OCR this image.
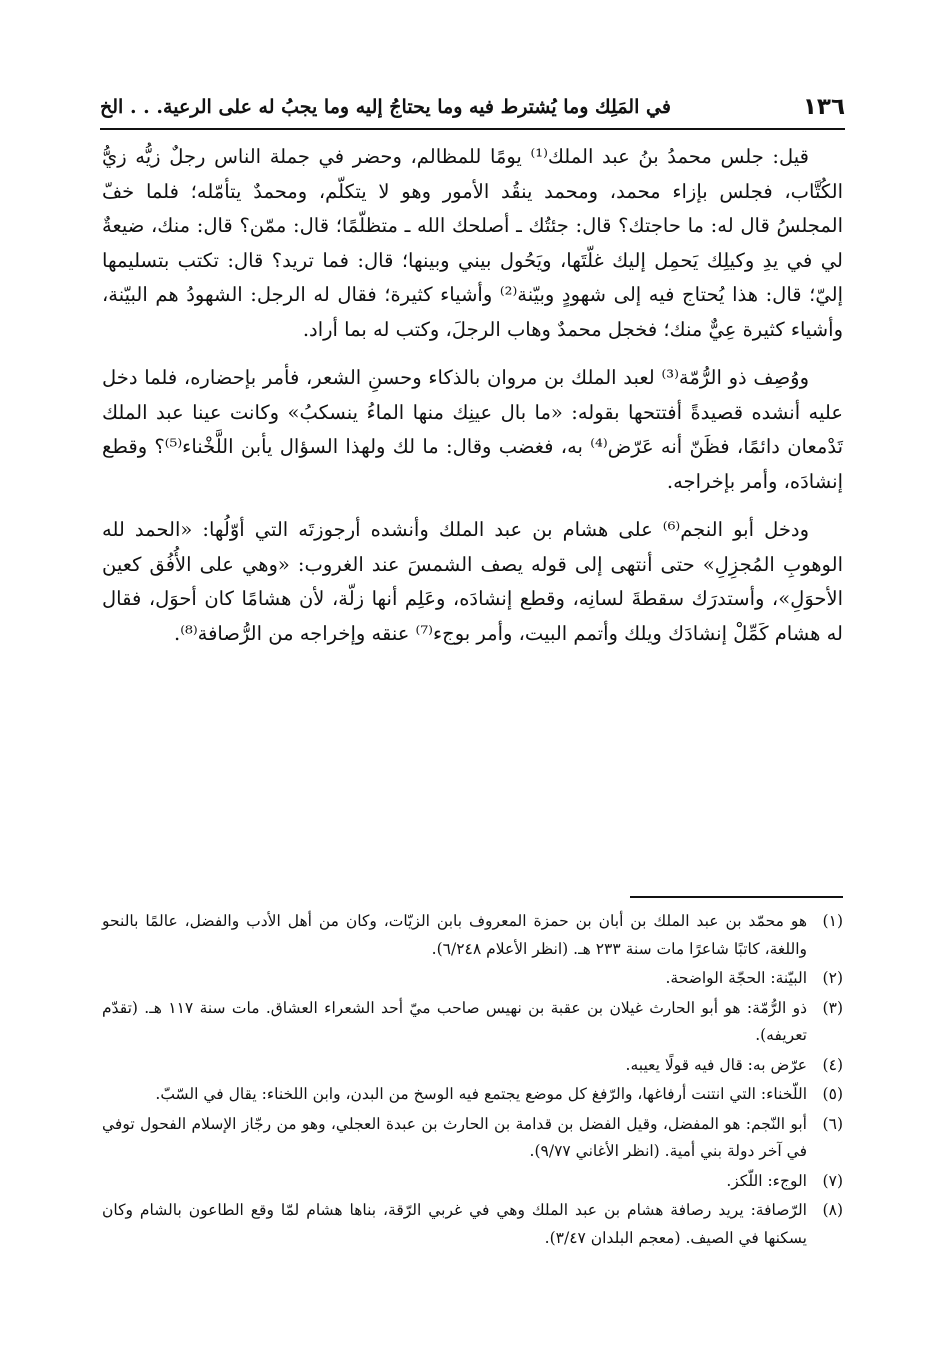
١٣٦
في المَلِك وما يُشترط فيه وما يحتاجُ إليه وما يجبُ له على الرعية. . . الخ

قيل: جلس محمدُ بنُ عبد الملك⁽¹⁾ يومًا للمظالم، وحضر في جملة الناس رجلٌ زيُّه زيُّ الكُتَّاب، فجلس بإزاء محمد، ومحمد ينقُد الأمور وهو لا يتكلّم، ومحمدٌ يتأمّله؛ فلما خفّ المجلسُ قال له: ما حاجتك؟ قال: جئتُك ـ أصلحك الله ـ متظلّمًا؛ قال: ممّن؟ قال: منك، ضيعةٌ لي في يدِ وكيلِك يَحمِل إليك غلّتَها، ويَحُول بيني وبينها؛ قال: فما تريد؟ قال: تكتب بتسليمها إليّ؛ قال: هذا يُحتاج فيه إلى شهودٍ وبيّنة⁽²⁾ وأشياء كثيرة؛ فقال له الرجل: الشهودُ هم البيّنة، وأشياء كثيرة عِيٌّ منك؛ فخجل محمدٌ وهاب الرجلَ، وكتب له بما أراد.

ووُصِف ذو الرُّمّة⁽³⁾ لعبد الملك بن مروان بالذكاء وحسنِ الشعر، فأمر بإحضاره، فلما دخل عليه أنشده قصيدةً أفتتحها بقوله: «ما بال عينِك منها الماءُ ينسكبُ» وكانت عينا عبد الملك تَدْمعان دائمًا، فظَنّ أنه عَرّض⁽⁴⁾ به، فغضب وقال: ما لك ولهذا السؤال يأبن اللَّخْناء⁽⁵⁾؟ وقطع إنشادَه، وأمر بإخراجه.

ودخل أبو النجم⁽⁶⁾ على هشام بن عبد الملك وأنشده أرجوزتَه التي أوّلُها: «الحمد لله الوهوبِ المُجزِلِ» حتى أنتهى إلى قوله يصف الشمسَ عند الغروب: «وهي على الأُفُق كعين الأحوَلِ»، وأستدرَك سقطةَ لسانِه، وقطع إنشادَه، وعَلِم أنها زلّة، لأن هشامًا كان أحوَل، فقال له هشام كَمِّلْ إنشادَك ويلك وأتمم البيت، وأمر بوجء⁽⁷⁾ عنقه وإخراجه من الرُّصافة⁽⁸⁾.

(١)
هو محمّد بن عبد الملك بن أبان بن حمزة المعروف بابن الزيّات، وكان من أهل الأدب والفضل، عالمًا بالنحو واللغة، كاتبًا شاعرًا مات سنة ٢٣٣ هـ. (انظر الأعلام ٦/٢٤٨).
(٢)
البيّنة: الحجّة الواضحة.
(٣)
ذو الرُّمّة: هو أبو الحارث غيلان بن عقبة بن نهيس صاحب ميّ أحد الشعراء العشاق. مات سنة ١١٧ هـ. (تقدّم تعريفه).
(٤)
عرّض به: قال فيه قولًا يعيبه.
(٥)
اللّخناء: التي انتنت أرفاغها، والرّفغ كل موضع يجتمع فيه الوسخ من البدن، وابن اللخناء: يقال في السّبّ.
(٦)
أبو النّجم: هو المفضل، وقيل الفضل بن قدامة بن الحارث بن عبدة العجلي، وهو من رجّاز الإسلام الفحول توفي في آخر دولة بني أمية. (انظر الأغاني ٩/٧٧).
(٧)
الوجء: اللّكز.
(٨)
الرّصافة: يريد رصافة هشام بن عبد الملك وهي في غربي الرّقة، بناها هشام لمّا وقع الطاعون بالشام وكان يسكنها في الصيف. (معجم البلدان ٣/٤٧).
